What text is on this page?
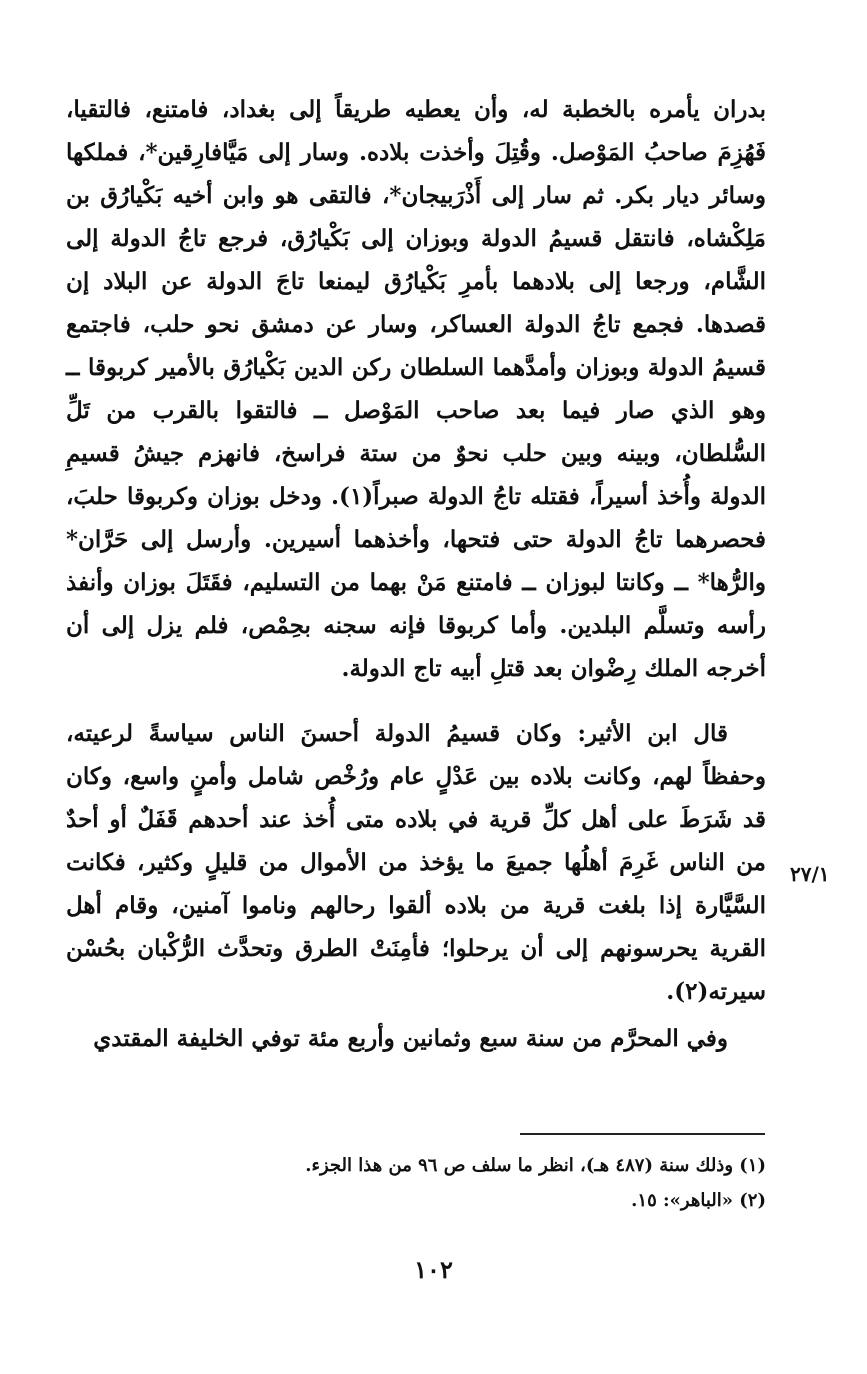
بدران يأمره بالخطبة له، وأن يعطيه طريقاً إلى بغداد، فامتنع، فالتقيا، فَهُزِمَ صاحبُ المَوْصل. وقُتِلَ وأخذت بلاده. وسار إلى مَيَّافارِقين*، فملكها وسائر ديار بكر. ثم سار إلى أَذْرَبيجان*، فالتقى هو وابن أخيه بَكْيارُق بن مَلِكْشاه، فانتقل قسيمُ الدولة وبوزان إلى بَكْيارُق، فرجع تاجُ الدولة إلى الشَّام، ورجعا إلى بلادهما بأمرِ بَكْيارُق ليمنعا تاجَ الدولة عن البلاد إن قصدها. فجمع تاجُ الدولة العساكر، وسار عن دمشق نحو حلب، فاجتمع قسيمُ الدولة وبوزان وأمدَّهما السلطان ركن الدين بَكْيارُق بالأمير كربوقا ــ وهو الذي صار فيما بعد صاحب المَوْصل ــ فالتقوا بالقرب من تَلِّ السُّلطان، وبينه وبين حلب نحوٌ من ستة فراسخ، فانهزم جيشُ قسيمِ الدولة وأُخذ أسيراً، فقتله تاجُ الدولة صبراً(١). ودخل بوزان وكربوقا حلبَ، فحصرهما تاجُ الدولة حتى فتحها، وأخذهما أسيرين. وأرسل إلى حَرَّان* والرُّها* ــ وكانتا لبوزان ــ فامتنع مَنْ بهما من التسليم، فقَتَلَ بوزان وأنفذ رأسه وتسلَّم البلدين. وأما كربوقا فإنه سجنه بحِمْص، فلم يزل إلى أن أخرجه الملك رِضْوان بعد قتلِ أبيه تاج الدولة.

قال ابن الأثير: وكان قسيمُ الدولة أحسنَ الناس سياسةً لرعيته، وحفظاً لهم، وكانت بلاده بين عَدْلٍ عام ورُخْص شامل وأمنٍ واسع، وكان قد شَرَطَ على أهل كلِّ قرية في بلاده متى أُخذ عند أحدهم قَفَلٌ أو أحدٌ من الناس غَرِمَ أهلُها جميعَ ما يؤخذ من الأموال من قليلٍ وكثير، فكانت السَّيَّارة إذا بلغت قرية من بلاده ألقوا رحالهم وناموا آمنين، وقام أهل القرية يحرسونهم إلى أن يرحلوا؛ فأمِنَتْ الطرق وتحدَّث الرُّكْبان بحُسْن سيرته(٢).

وفي المحرَّم من سنة سبع وثمانين وأربع مئة توفي الخليفة المقتدي

٢٧/١

(١) وذلك سنة (٤٨٧ هـ)، انظر ما سلف ص ٩٦ من هذا الجزء.

(٢) «الباهر»: ١٥.

١٠٢
